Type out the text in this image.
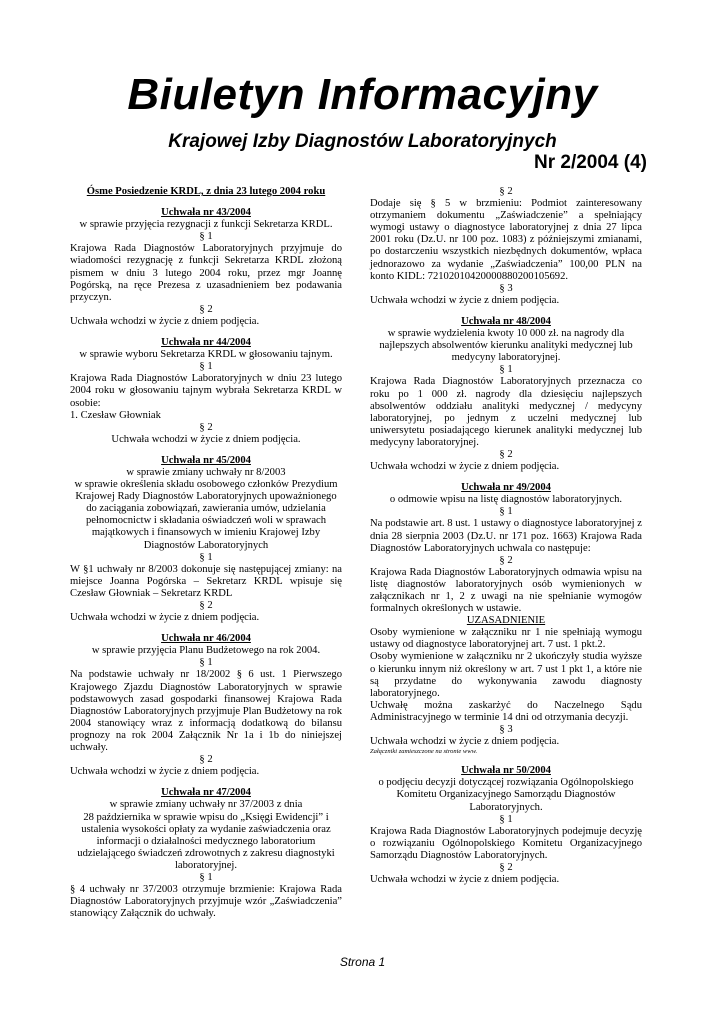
Biuletyn Informacyjny
Krajowej Izby Diagnostów Laboratoryjnych
Nr 2/2004 (4)
Ósme Posiedzenie KRDL, z dnia 23 lutego 2004 roku
Uchwała nr 43/2004
w sprawie przyjęcia rezygnacji z funkcji Sekretarza KRDL.
§ 1
Krajowa Rada Diagnostów Laboratoryjnych przyjmuje do wiadomości rezygnację z funkcji Sekretarza KRDL złożoną pismem w dniu 3 lutego 2004 roku, przez mgr Joannę Pogórską, na ręce Prezesa z uzasadnieniem bez podawania przyczyn.
§ 2
Uchwała wchodzi w życie z dniem podjęcia.
Uchwała nr 44/2004
w sprawie wyboru Sekretarza KRDL w głosowaniu tajnym.
§ 1
Krajowa Rada Diagnostów Laboratoryjnych w dniu 23 lutego 2004 roku w głosowaniu tajnym wybrała Sekretarza KRDL w osobie:
1. Czesław Głowniak
§ 2
Uchwała wchodzi w życie z dniem podjęcia.
Uchwała nr 45/2004
w sprawie zmiany uchwały nr 8/2003
w sprawie określenia składu osobowego członków Prezydium Krajowej Rady Diagnostów Laboratoryjnych upoważnionego do zaciągania zobowiązań, zawierania umów, udzielania pełnomocnictw i składania oświadczeń woli w sprawach majątkowych i finansowych w imieniu Krajowej Izby Diagnostów Laboratoryjnych
§ 1
W §1 uchwały nr 8/2003 dokonuje się następującej zmiany: na miejsce Joanna Pogórska – Sekretarz KRDL wpisuje się Czesław Głowniak – Sekretarz KRDL
§ 2
Uchwała wchodzi w życie z dniem podjęcia.
Uchwała nr 46/2004
w sprawie przyjęcia Planu Budżetowego na rok 2004.
§ 1
Na podstawie uchwały nr 18/2002 § 6 ust. 1 Pierwszego Krajowego Zjazdu Diagnostów Laboratoryjnych w sprawie podstawowych zasad gospodarki finansowej Krajowa Rada Diagnostów Laboratoryjnych przyjmuje Plan Budżetowy na rok 2004 stanowiący wraz z informacją dodatkową do bilansu prognozy na rok 2004 Załącznik Nr 1a i 1b do niniejszej uchwały.
§ 2
Uchwała wchodzi w życie z dniem podjęcia.
Uchwała nr 47/2004
w sprawie zmiany uchwały nr 37/2003 z dnia
28 października w sprawie wpisu do „Księgi Ewidencji” i ustalenia wysokości opłaty za wydanie zaświadczenia oraz informacji o działalności medycznego laboratorium udzielającego świadczeń zdrowotnych z zakresu diagnostyki laboratoryjnej.
§ 1
§ 4 uchwały nr 37/2003 otrzymuje brzmienie: Krajowa Rada Diagnostów Laboratoryjnych przyjmuje wzór „Zaświadczenia” stanowiący Załącznik do uchwały.
§ 2
Dodaje się § 5 w brzmieniu: Podmiot zainteresowany otrzymaniem dokumentu „Zaświadczenie” a spełniający wymogi ustawy o diagnostyce laboratoryjnej z dnia 27 lipca 2001 roku (Dz.U. nr 100 poz. 1083) z późniejszymi zmianami, po dostarczeniu wszystkich niezbędnych dokumentów, wpłaca jednorazowo za wydanie „Zaświadczenia” 100,00 PLN na konto KIDL: 72102010420000880200105692.
§ 3
Uchwała wchodzi w życie z dniem podjęcia.
Uchwała nr 48/2004
w sprawie wydzielenia kwoty 10 000 zł. na nagrody dla najlepszych absolwentów kierunku analityki medycznej lub medycyny laboratoryjnej.
§ 1
Krajowa Rada Diagnostów Laboratoryjnych przeznacza co roku po 1 000 zł. nagrody dla dziesięciu najlepszych absolwentów oddziału analityki medycznej / medycyny laboratoryjnej, po jednym z uczelni medycznej lub uniwersytetu posiadającego kierunek analityki medycznej lub medycyny laboratoryjnej.
§ 2
Uchwała wchodzi w życie z dniem podjęcia.
Uchwała nr 49/2004
o odmowie wpisu na listę diagnostów laboratoryjnych.
§ 1
Na podstawie art. 8 ust. 1 ustawy o diagnostyce laboratoryjnej z dnia 28 sierpnia 2003 (Dz.U. nr 171 poz. 1663) Krajowa Rada Diagnostów Laboratoryjnych uchwala co następuje:
§ 2
Krajowa Rada Diagnostów Laboratoryjnych odmawia wpisu na listę diagnostów laboratoryjnych osób wymienionych w załącznikach nr 1, 2 z uwagi na nie spełnianie wymogów formalnych określonych w ustawie.
UZASADNIENIE
Osoby wymienione w załączniku nr 1 nie spełniają wymogu ustawy od diagnostyce laboratoryjnej art. 7 ust. 1 pkt.2.
Osoby wymienione w załączniku nr 2 ukończyły studia wyższe o kierunku innym niż określony w art. 7 ust 1 pkt 1, a które nie są przydatne do wykonywania zawodu diagnosty laboratoryjnego.
Uchwałę można zaskarżyć do Naczelnego Sądu Administracyjnego w terminie 14 dni od otrzymania decyzji.
§ 3
Uchwała wchodzi w życie z dniem podjęcia.
Załączniki zamieszczone na stronie www.
Uchwała nr 50/2004
o podjęciu decyzji dotyczącej rozwiązania Ogólnopolskiego Komitetu Organizacyjnego Samorządu Diagnostów Laboratoryjnych.
§ 1
Krajowa Rada Diagnostów Laboratoryjnych podejmuje decyzję o rozwiązaniu Ogólnopolskiego Komitetu Organizacyjnego Samorządu Diagnostów Laboratoryjnych.
§ 2
Uchwała wchodzi w życie z dniem podjęcia.
Strona 1
